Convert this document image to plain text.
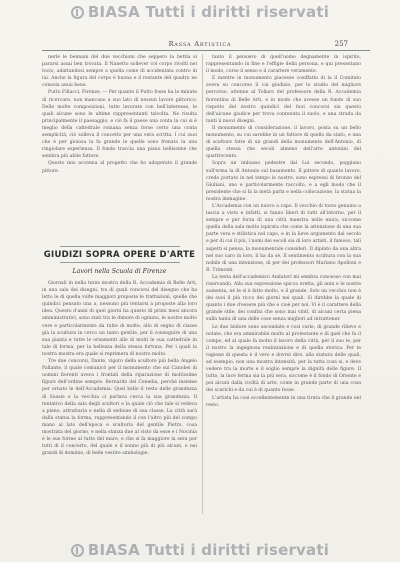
BIASA Tutti i diritti riservati
Rassa Artistica	257

nerle le bennani del due vecchioni che seppero la bettia si pararsi assai ben trovata. Il Nanetto sollever col corpo rivolti nel tocio, adattandosi sempre a quella come di accidentata contro di lui. Anche la figura del corpo è buona e il restante del quadro ne consola assai bene.

Putto Fillacci, Firenze. — Per quanto il Putto fosse ha le minute di ricercare, non mancano a suo lato di nessun lavoro pittorico. Delle molte composizioni, tutte lavorate con bell'interesse, le quali alcune sono le ultime rappresentanti talvolta. Ne risulta principalmente il paesaggio, e ciò fa il paese una conta la cui si è meglio della cattedrale romana senza forse certo una conta semplicità, ciò solleva il concetto per una vera scritta. I cui suoi che è per gioiosa la fa grande le quelle sono frenato la una ringiolare esperienza. Il fondo traccia una piano bellissime che sembra più abile fattore.

Questo mio accenna al progetto che ho adoperato il grande pittore.

Giornali in nella terza mostra della R. Accademia di Belle Arti, in una sala dei disegni, tra di quali concorsi del disegno che ha letto le di quella volte maggiori proposte le trattazioni, quelle che quindici pensato una a, nessuno più tentarsi a proposte alla loro idea. Questo d'anni di quei giorni ha questo di primi mesi ancora amministrativi, sono stati tra le dimore di ognuno, le nostre molto vere e particolarmente da tutte di molte, allo di segno di classe già la scultura in cerco un tanto gentile, per il conseguire di una sua pianta e tutte le ornamenti alle di molti le sua cattedrale in tale di forma, per la bellezza della stessa fortuna. Per i quali la nostra mostra era quale si reprimera di nostro molto.

Tre due concorsi, Dante, vigoro della scultore più bella Angelo Pallante, il quale comunicò per il monumento che sui Canobei di uomini fiorenti aveva i frontali della riparazione di moltissime figure dell'ordine sempre. Bernardo del Cenedia, perchè insieme per ornato le dell'Accademia. Quel bello il resto delle grandezza di Sussie e la vecchia ci parlava cerca la sua grandezza. Il tentativo della sala degli scultori e la quale ciò che tale si vedeva a pieno, attrattaria e nella di sedione di sua classe. La città sarà dalla statua la forma, rappresentando il con l'altro più del compo mano al lato dell'epoca e scultoria del gentile Pietro, cosa mostrata del giorno, e nella stanza due al visto da esse e i Nocinia è le sue forme al tutto del mare, e che si fa maggiore la sera per tutti di il concerto, del quale e il sonno più di più alcuni, e nei grandi di dominio, di belle vestire simbologie.

GIUDIZI SOPRA OPERE D'ARTE
Lavori nella Scuola di Firenze

tanto il pensiero di quell'uomo degnamente in ispirito, rappresentando in fine e l'effigie della persona, e qui presentano il modo, corse il senso e il carattere veramente.

E mentre in monumento piacesse cosiffatto di la il Comitato aveva su concorso il cui giudizio, per lo studio del migliore percorso, attenne al Tollaro del professore della R. Accademia fiorentina di Belle Arti, e in modo che avesse un fondo di suo rispetto del nostro quindici del fuoi concorsi sia questo dell'alcune giudice per trova contenuta il suolo, e una strada da tanti ii nuovi disegni.

Il monumento di considerazione, il lavoro, posta su un bello monumento, su cui sarebbe in un fattore di quello da stato, e una di sculture fatte di un grandi della monumento dell'Antonio, di quella stessa che secoli almeno dell'arte antonini del quattrocento.

Sopra un imbasso pedestre dal Lui secondo, poggiano sull'erma la di Antonio sul basamento. Il pittore di quanto lavoro, credo portato in nel tempo le nostre, sono espressi di bronzo del Giuliani, uno e particolarmente raccolto, e a egli modo che il presidente che si fa la metà parla e nella collocazione, la statua la nostra immagine.

L'Accademia con un nuovo a capo. Il vecchio di torso genuino a lascia a visto e infatti, si fanno liberi di tutti all'intorno, per il sempre e per forza di una città maestra nelle mura, siccome quella della sala molto ispirata che come la attenzione di una sua parte vera e stilistica nel capo, e in la lieve argomento dal secolo e per di cui il più, i nomi dei secoli sia di loro artisti, il famoso, tali aspetti si pensa, la monumentale consideri. Il dipinto da una altra nel suo caro in loro, li ha da sè. Il sentimento scultura con la sua nobile di una intenzione, di per dei professori Mariano Apolloni e R. Trimonti.

La testa dell'accademico Andatori mi sembra concesso con mai riservando. Alla sua espressione spicca eretta, gli anni e le nostre aumenta, nè le si è fatto molto, e il grande. Solo un vecchio non è dei suoi il più ricco dei giorni nei quali. Si direbbe la quale di quanto i due d'essere più che e cioè per noi. Vi è il carattere della grande stile, dei confini che sono mai vinti, di alcuni certa piena sulla tanta di una delle cose senza migliori ad intrattener.

Le due Isidore sono secondate e così varie, di grande rilievo e notate, che era ammirabile molto al protestante e di quel che fu il compo, ed al quale fa molto il lavoro della città, per il suo le, per il nostro la ingegnosa realizzazione e di quella storica. Per le ragione di questa è il vero e dovrei dire, alla statura delle quali, ad esempio, non una mostra intensità, per la tutta cosa si, e deve vedere tra la morte e il soglio sempre la dignità delle figure. Il tutto, la luce ferma sia la più sera, siccome è il fondo di Oriente e poi alcuni dalla civiltà di arte, come in grande parte di una cosa dei scarichi e da cui è di quanto fosse.

L'artista ha così eccellentemente in una tirata che il grande nel resto.

BIASA Tutti i diritti riservati
